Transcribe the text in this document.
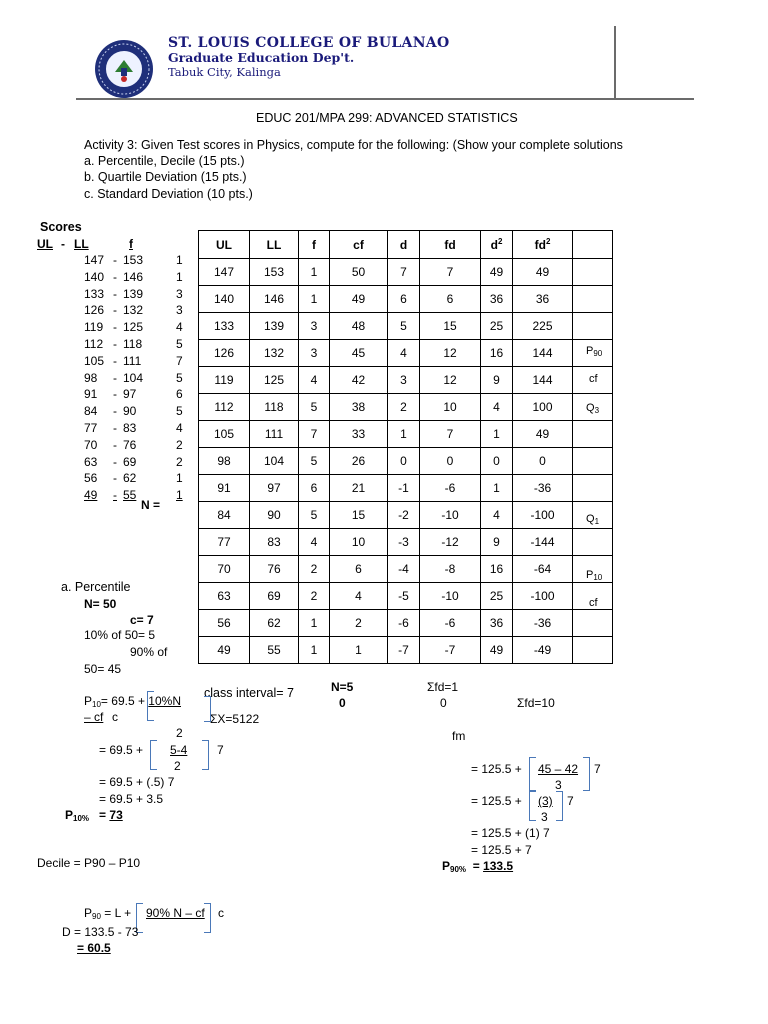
ST. LOUIS COLLEGE OF BULANAO
Graduate Education Dep't.
Tabuk City, Kalinga
EDUC 201/MPA 299: ADVANCED STATISTICS
Activity 3: Given Test scores in Physics, compute for the following: (Show your complete solutions
a. Percentile, Decile (15 pts.)
b. Quartile Deviation (15 pts.)
c. Standard Deviation (10 pts.)
Scores
UL - LL	f
147 - 153	1
140 - 146	1
133 - 139	3
126 - 132	3
119 - 125	4
112 - 118	5
105 - 111	7
98 - 104	5
91 - 97	6
84 - 90	5
77 - 83	4
70 - 76	2
63 - 69	2
56 - 62	1
49 - 55	1
N =
UL	LL	f	cf	d	fd	$d^2$	$fd^2$	
147	153	1	50	7	7	49	49	
140	146	1	49	6	6	36	36	
133	139	3	48	5	15	25	225	
126	132	3	45	4	12	16	144	
119	125	4	42	3	12	9	144	
112	118	5	38	2	10	4	100	
105	111	7	33	1	7	1	49	
98	104	5	26	0	0	0	0	
91	97	6	21	-1	-6	1	-36	
84	90	5	15	-2	-10	4	-100	
77	83	4	10	-3	-12	9	-144	
70	76	2	6	-4	-8	16	-64	
63	69	2	4	-5	-10	25	-100	
56	62	1	2	-6	-6	36	-36	
49	55	1	1	-7	-7	49	-49	
$P_{90}$
cf
$Q_3$
$Q_1$
$P_{10}$
cf
class interval= 7	N=5
0
Σfd=1
0
ΣX=5122
Σfd=10
a. Percentile
N= 50
c= 7
10% of 50= 5
90% of
50= 45
$P_{10}= 69.5 + 10\%N$
– cf c
2
= 69.5 + 5-4 7
2
= 69.5 + (.5) 7
= 69.5 + 3.5
$P_{10\%} = 73$
fm
= 125.5 + 45 – 42 7
3
= 125.5 + (3) 7
3
= 125.5 + (1) 7
= 125.5 + 7
$P_{90\%} = 133.5$
Decile = P90 – P10
$P_{90} = L + 90\%$ N – cf c
D = 133.5 - 73
= 60.5
